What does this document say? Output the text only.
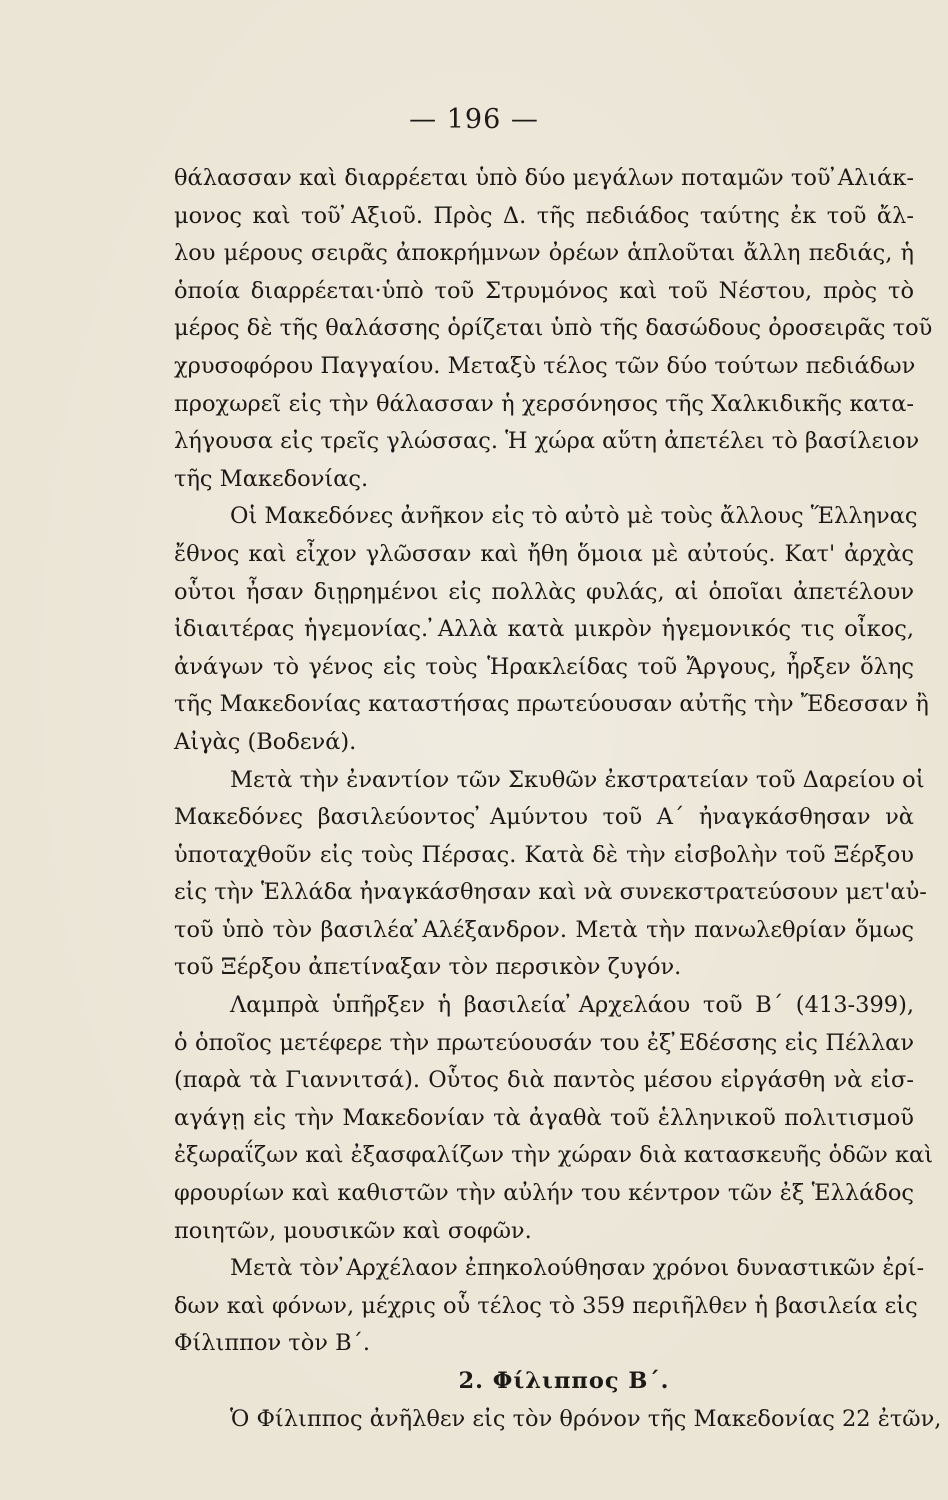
— 196 —
θάλασσαν καὶ διαρρέεται ὑπὸ δύο μεγάλων ποταμῶν τοῦ ̓Αλιάκ-
μονος καὶ τοῦ ̓Αξιοῦ. Πρὸς Δ. τῆς πεδιάδος ταύτης ἐκ τοῦ ἄλ-
λου μέρους σειρᾶς ἀποκρήμνων ὀρέων ἁπλοῦται ἄλλη πεδιάς, ἡ
ὁποία διαρρέεται·ὑπὸ τοῦ Στρυμόνος καὶ τοῦ Νέστου, πρὸς τὸ
μέρος δὲ τῆς θαλάσσης ὁρίζεται ὑπὸ τῆς δασώδους ὀροσειρᾶς τοῦ
χρυσοφόρου Παγγαίου. Μεταξὺ τέλος τῶν δύο τούτων πεδιάδων
προχωρεῖ εἰς τὴν θάλασσαν ἡ χερσόνησος τῆς Χαλκιδικῆς κατα-
λήγουσα εἰς τρεῖς γλώσσας. Ἡ χώρα αὕτη ἀπετέλει τὸ βασίλειον
τῆς Μακεδονίας.
Οἱ Μακεδόνες ἀνῆκον εἰς τὸ αὐτὸ μὲ τοὺς ἄλλους Ἕλληνας
ἔθνος καὶ εἶχον γλῶσσαν καὶ ἤθη ὅμοια μὲ αὐτούς. Κατ' ἀρχὰς
οὗτοι ἦσαν διῃρημένοι εἰς πολλὰς φυλάς, αἱ ὁποῖαι ἀπετέλουν
ἰδιαιτέρας ἡγεμονίας. ̓Αλλὰ κατὰ μικρὸν ἡγεμονικός τις οἶκος,
ἀνάγων τὸ γένος εἰς τοὺς Ἡρακλείδας τοῦ Ἄργους, ἦρξεν ὅλης
τῆς Μακεδονίας καταστήσας πρωτεύουσαν αὐτῆς τὴν Ἔδεσσαν ἢ
Αἰγὰς (Βοδενά).
Μετὰ τὴν ἐναντίον τῶν Σκυθῶν ἐκστρατείαν τοῦ Δαρείου οἱ
Μακεδόνες βασιλεύοντος ̓Αμύντου τοῦ Α΄ ἠναγκάσθησαν νὰ
ὑποταχθοῦν εἰς τοὺς Πέρσας. Κατὰ δὲ τὴν εἰσβολὴν τοῦ Ξέρξου
εἰς τὴν Ἑλλάδα ἠναγκάσθησαν καὶ νὰ συνεκστρατεύσουν μετ'αὐ-
τοῦ ὑπὸ τὸν βασιλέα ̓Αλέξανδρον. Μετὰ τὴν πανωλεθρίαν ὅμως
τοῦ Ξέρξου ἀπετίναξαν τὸν περσικὸν ζυγόν.
Λαμπρὰ ὑπῆρξεν ἡ βασιλεία ̓Αρχελάου τοῦ Β΄ (413-399),
ὁ ὁποῖος μετέφερε τὴν πρωτεύουσάν του ἐξ ̓Εδέσσης εἰς Πέλλαν
(παρὰ τὰ Γιαννιτσά). Οὗτος διὰ παντὸς μέσου εἰργάσθη νὰ εἰσ-
αγάγῃ εἰς τὴν Μακεδονίαν τὰ ἀγαθὰ τοῦ ἑλληνικοῦ πολιτισμοῦ
ἐξωραΐζων καὶ ἐξασφαλίζων τὴν χώραν διὰ κατασκευῆς ὁδῶν καὶ
φρουρίων καὶ καθιστῶν τὴν αὐλήν του κέντρον τῶν ἐξ Ἑλλάδος
ποιητῶν, μουσικῶν καὶ σοφῶν.
Μετὰ τὸν ̓Αρχέλαον ἐπηκολούθησαν χρόνοι δυναστικῶν ἐρί-
δων καὶ φόνων, μέχρις οὗ τέλος τὸ 359 περιῆλθεν ἡ βασιλεία εἰς
Φίλιππον τὸν Β΄.
2. Φίλιππος Β΄.
Ὁ Φίλιππος ἀνῆλθεν εἰς τὸν θρόνον τῆς Μακεδονίας 22 ἐτῶν,
